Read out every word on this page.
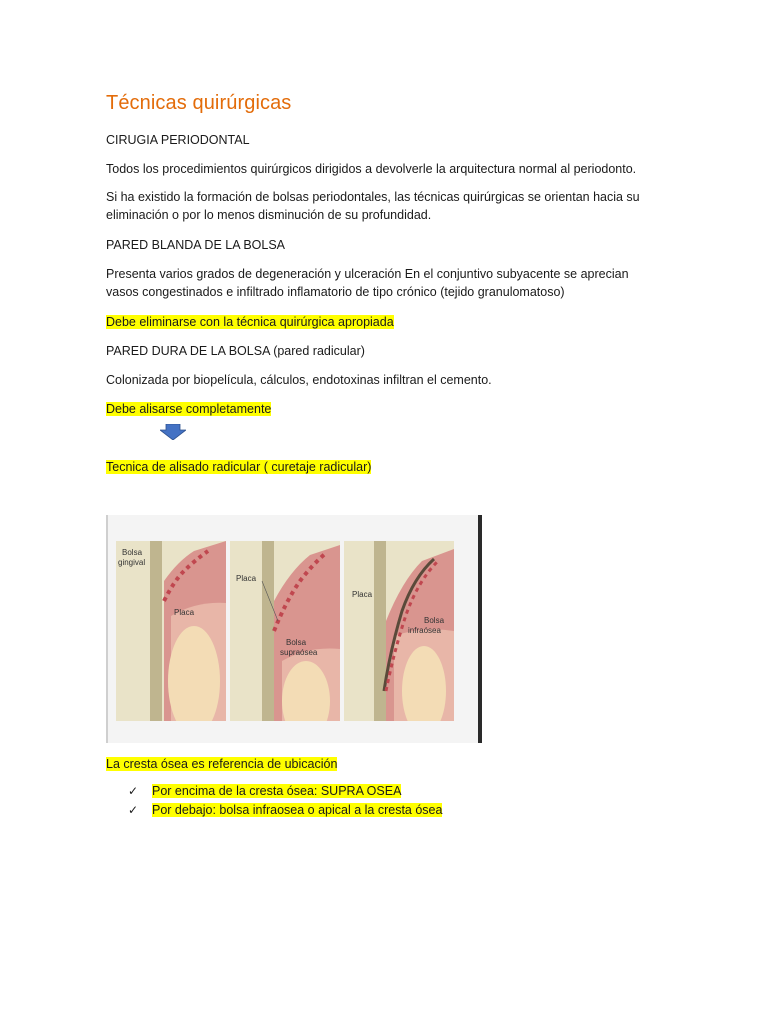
Técnicas quirúrgicas
CIRUGIA PERIODONTAL
Todos los procedimientos quirúrgicos dirigidos a devolverle la arquitectura normal al periodonto.
Si ha existido la formación de bolsas periodontales, las técnicas quirúrgicas se orientan hacia su
eliminación o por lo menos disminución de su profundidad.
PARED BLANDA DE LA BOLSA
Presenta varios grados de degeneración y ulceración En el conjuntivo subyacente se aprecian
vasos congestinados e infiltrado inflamatorio de tipo crónico (tejido granulomatoso)
Debe eliminarse con la técnica quirúrgica apropiada
PARED DURA DE LA BOLSA (pared radicular)
Colonizada por biopelícula, cálculos, endotoxinas infiltran el cemento.
Debe alisarse completamente
Tecnica de alisado radicular ( curetaje radicular)
Bolsa
gingival
Placa
Placa
Bolsa
supraósea
Placa
Bolsa
infraósea
La cresta ósea es referencia de ubicación
✓ Por encima de la cresta ósea: SUPRA OSEA
✓ Por debajo: bolsa infraosea o apical a la cresta ósea
